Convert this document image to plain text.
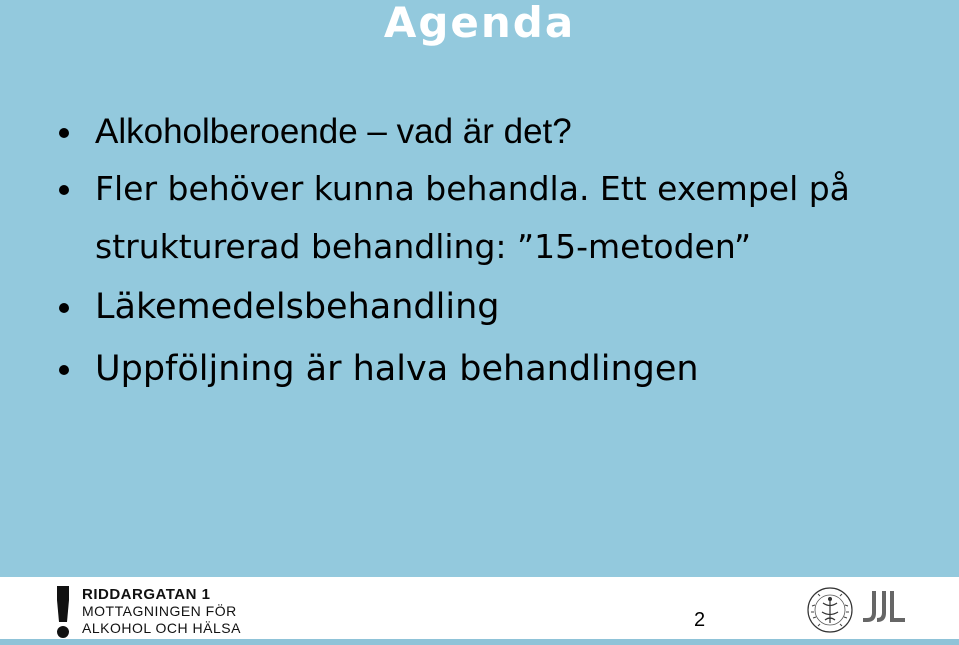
Agenda
Alkoholberoende – vad är det?
Fler behöver kunna behandla. Ett exempel på strukturerad behandling: ”15-metoden”
Läkemedelsbehandling
Uppföljning är halva behandlingen
RIDDARGATAN 1
MOTTAGNINGEN FÖR
ALKOHOL OCH HÄLSA	2
